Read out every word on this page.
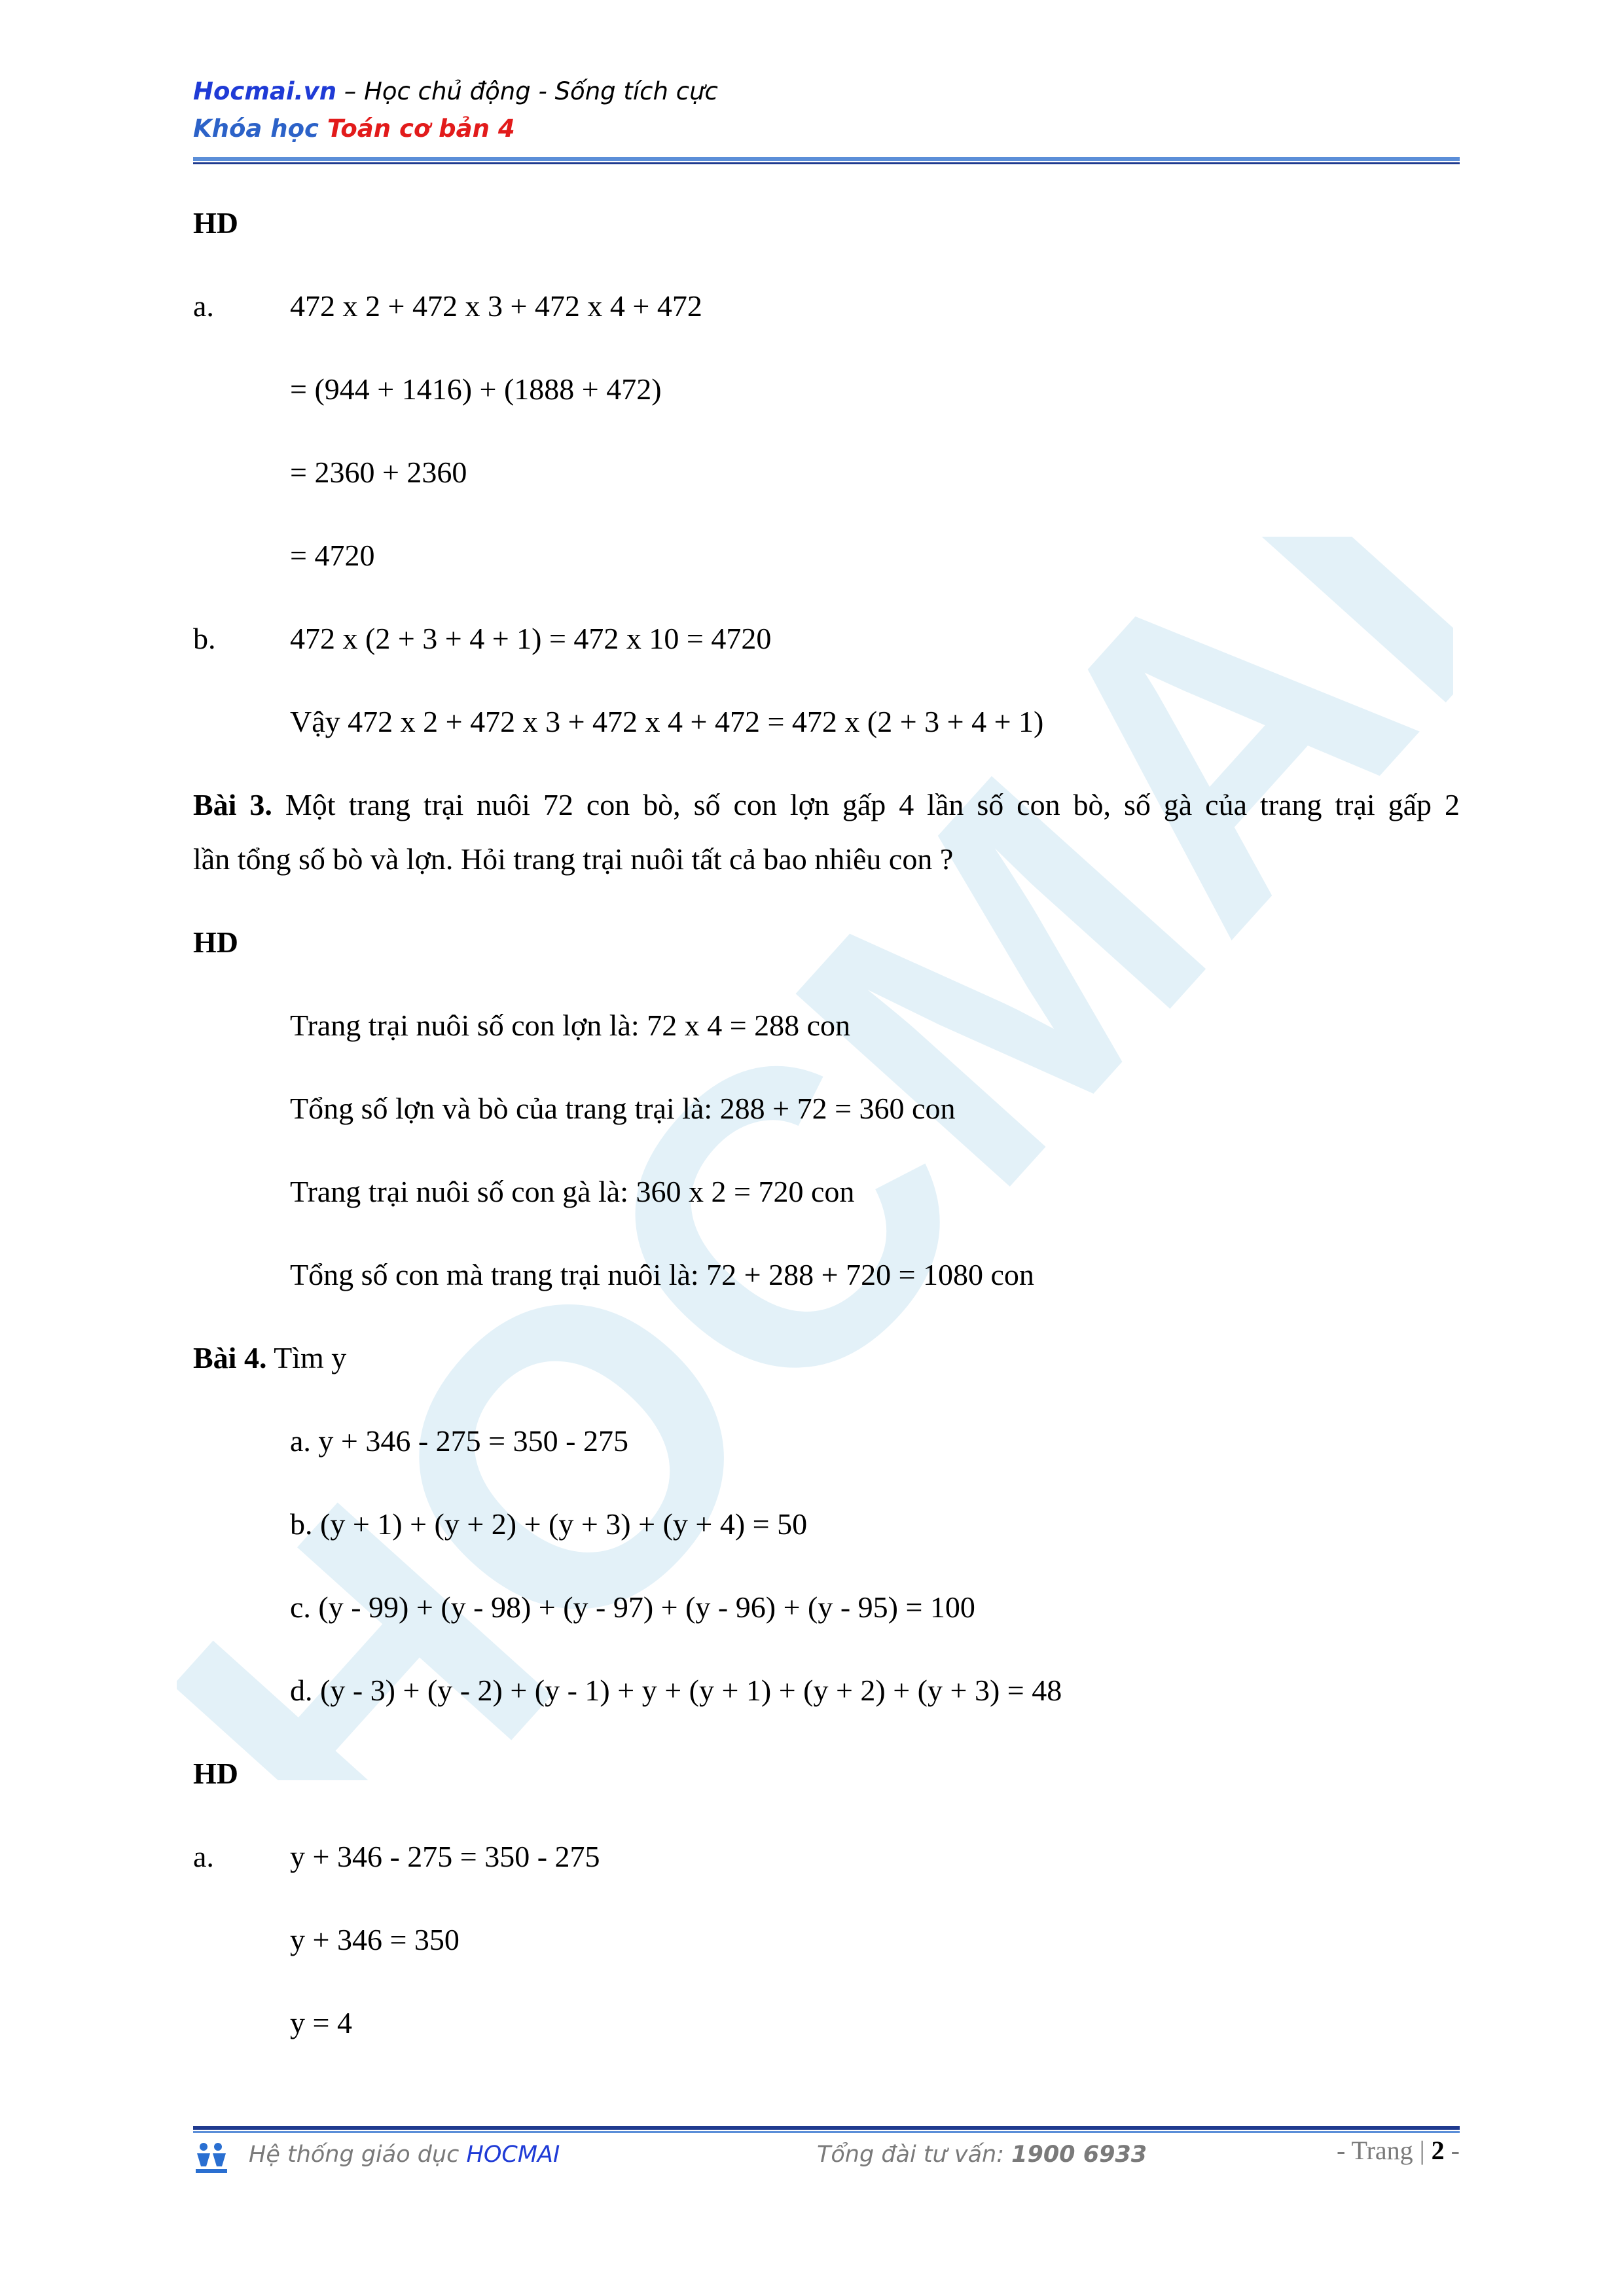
HOCMAI
Hocmai.vn – Học chủ động - Sống tích cực
Khóa học Toán cơ bản 4
HD
a.	472 x 2 + 472 x 3 + 472 x 4 + 472
= (944 + 1416) + (1888 + 472)
= 2360 + 2360
= 4720
b. 472 x (2 + 3 + 4 + 1) = 472 x 10 = 4720
Vậy 472 x 2 + 472 x 3 + 472 x 4 + 472 = 472 x (2 + 3 + 4 + 1)
Bài 3. Một trang trại nuôi 72 con bò, số con lợn gấp 4 lần số con bò, số gà của trang trại gấp 2
lần tổng số bò và lợn. Hỏi trang trại nuôi tất cả bao nhiêu con ?
HD
Trang trại nuôi số con lợn là: 72 x 4 = 288 con
Tổng số lợn và bò của trang trại là: 288 + 72 = 360 con
Trang trại nuôi số con gà là: 360 x 2 = 720 con
Tổng số con mà trang trại nuôi là: 72 + 288 + 720 = 1080 con
Bài 4. Tìm y
a. y + 346 - 275 = 350 - 275
b. (y + 1) + (y + 2) + (y + 3) + (y + 4) = 50
c. (y - 99) + (y - 98) + (y - 97) + (y - 96) + (y - 95) = 100
d. (y - 3) + (y - 2) + (y - 1) + y + (y + 1) + (y + 2) + (y + 3) = 48
HD
a.	y + 346 - 275 = 350 - 275
y + 346 = 350
y = 4
Hệ thống giáo dục HOCMAI	Tổng đài tư vấn: 1900 6933	- Trang | 2 -
